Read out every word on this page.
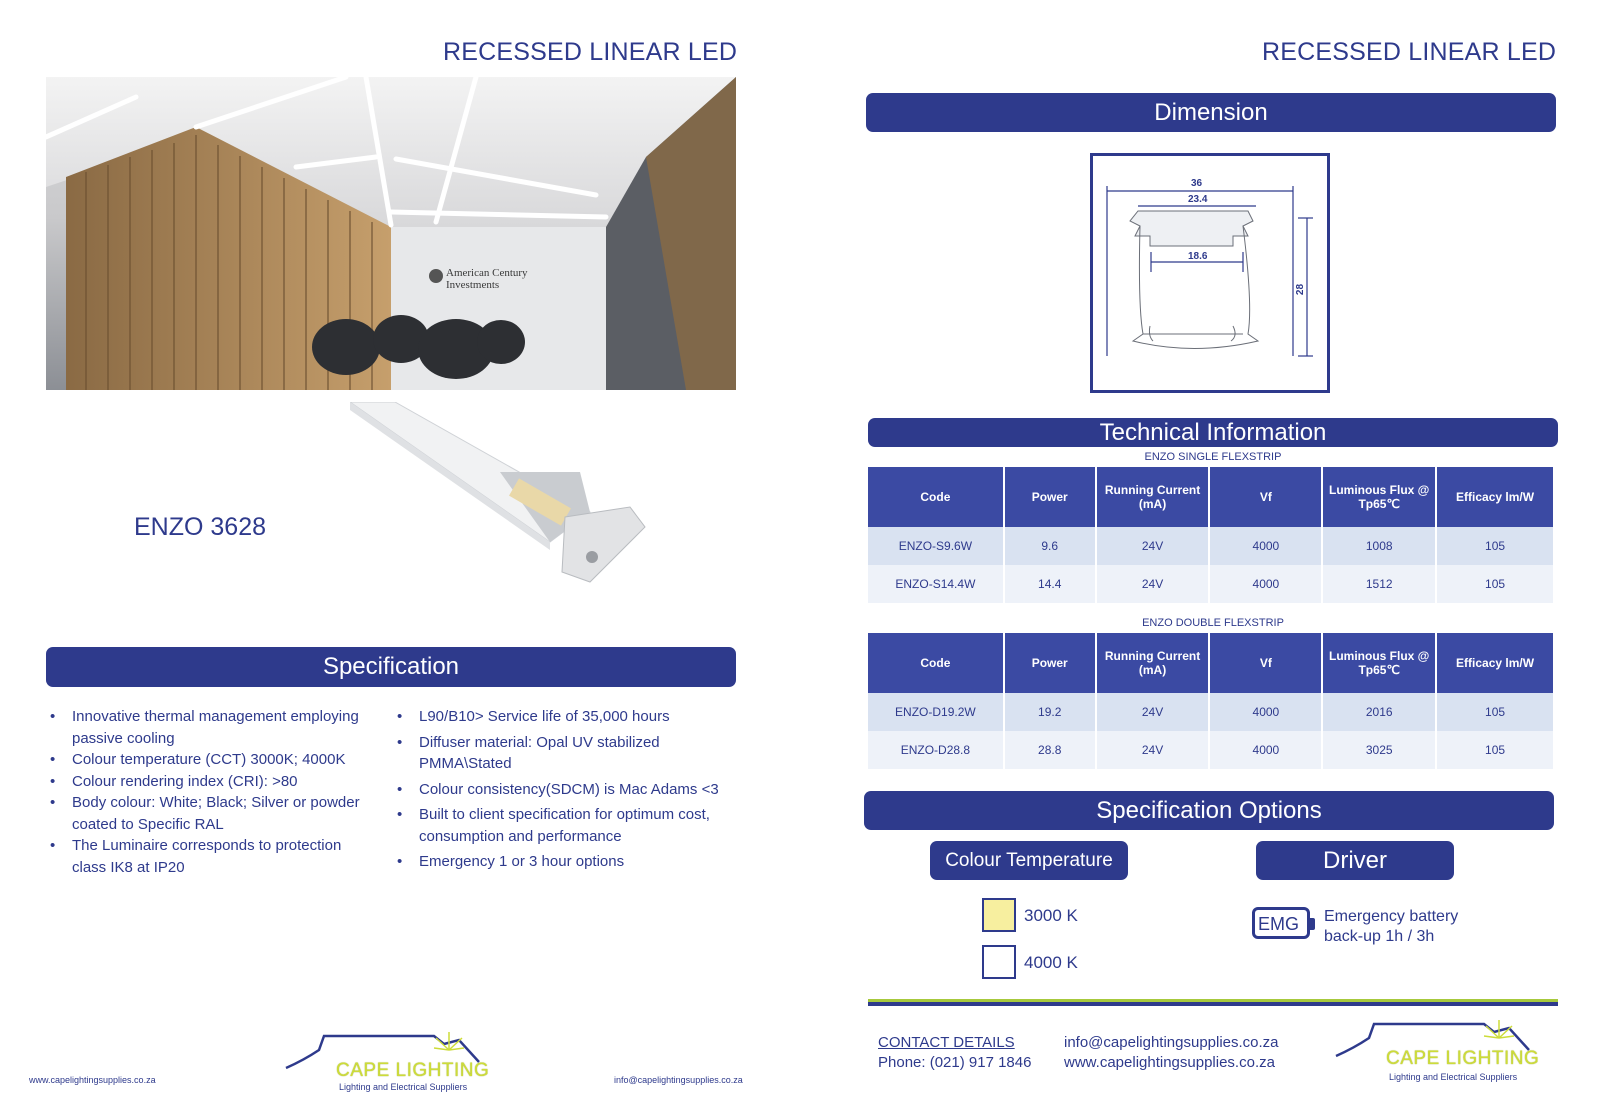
RECESSED LINEAR LED
American Century Investments
ENZO 3628
Specification
• Innovative thermal management employing passive cooling
• Colour temperature (CCT) 3000K; 4000K
• Colour rendering index (CRI): >80
• Body colour: White; Black; Silver or powder coated to Specific RAL
• The Luminaire corresponds to protection class IK8 at IP20
• L90/B10> Service life of 35,000 hours
• Diffuser material: Opal UV stabilized PMMA\Stated
• Colour consistency(SDCM) is Mac Adams <3
• Built to client specification for optimum cost, consumption and performance
• Emergency 1 or 3 hour options
www.capelightingsupplies.co.za	info@capelightingsupplies.co.za
CAPE LIGHTING
Lighting and Electrical Suppliers
RECESSED LINEAR LED
Dimension
36
23.4
18.6
28
Technical Information
ENZO SINGLE FLEXSTRIP
Code	Power	Running Current (mA)	Vf	Luminous Flux @ Tp65℃	Efficacy lm/W
ENZO-S9.6W	9.6	24V	4000	1008	105
ENZO-S14.4W	14.4	24V	4000	1512	105
ENZO DOUBLE FLEXSTRIP
Code	Power	Running Current (mA)	Vf	Luminous Flux @ Tp65℃	Efficacy lm/W
ENZO-D19.2W	19.2	24V	4000	2016	105
ENZO-D28.8	28.8	24V	4000	3025	105
Specification Options
Colour Temperature	Driver
3000 K
4000 K
EMG Emergency battery
back-up 1h / 3h
CONTACT DETAILS
Phone: (021) 917 1846
info@capelightingsupplies.co.za
www.capelightingsupplies.co.za	CAPE LIGHTING
Lighting and Electrical Suppliers
